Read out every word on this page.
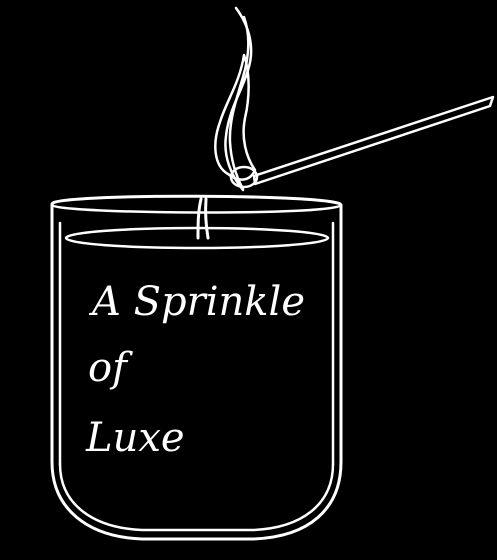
A Sprinkle
of
Luxe
